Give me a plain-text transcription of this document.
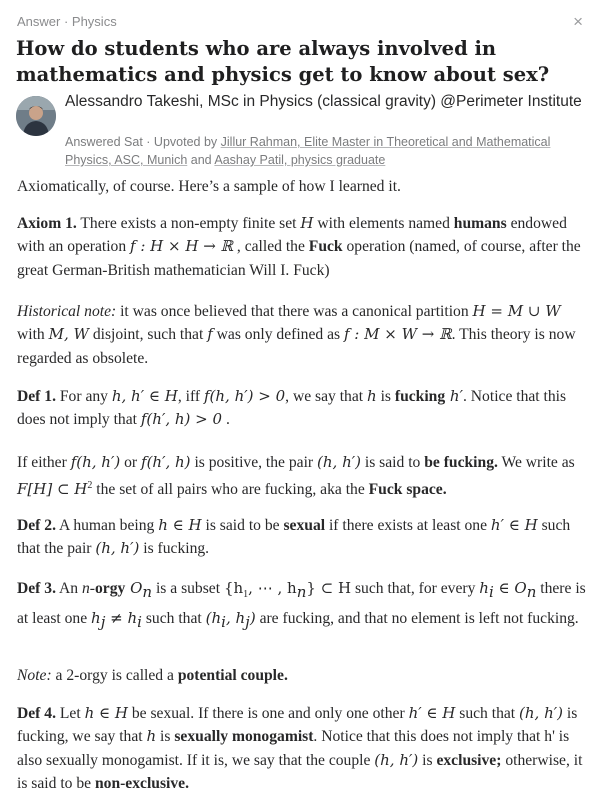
Answer · Physics	×
How do students who are always involved in mathematics and physics get to know about sex?
Alessandro Takeshi, MSc in Physics (classical gravity) @Perimeter Institute
Answered Sat · Upvoted by Jillur Rahman, Elite Master in Theoretical and Mathematical Physics, ASC, Munich and Aashay Patil, physics graduate

Axiomatically, of course. Here’s a sample of how I learned it.

Axiom 1. There exists a non-empty finite set H with elements named humans endowed with an operation f : H × H → ℝ , called the Fuck operation (named, of course, after the great German-British mathematician Will I. Fuck)

Historical note: it was once believed that there was a canonical partition H = M ∪ W with M, W disjoint, such that f was only defined as f : M × W → ℝ. This theory is now regarded as obsolete.

Def 1. For any h, h′ ∈ H, iff f(h, h′) > 0, we say that h is fucking h′. Notice that this does not imply that f(h′, h) > 0 .

If either f(h, h′) or f(h′, h) is positive, the pair (h, h′) is said to be fucking. We write as F[H] ⊂ $H^2$ the set of all pairs who are fucking, aka the Fuck space.

Def 2. A human being h ∈ H is said to be sexual if there exists at least one h′ ∈ H such that the pair (h, h′) is fucking.

Def 3. An n-orgy $O_n$ is a subset {$h_1$, ⋯ , $h_n$} ⊂ H such that, for every $h_i$ ∈ $O_n$ there is at least one $h_j \ne h_i$ such that ($h_i$, $h_j$) are fucking, and that no element is left not fucking.

Note: a 2-orgy is called a potential couple.

Def 4. Let h ∈ H be sexual. If there is one and only one other h′ ∈ H such that (h, h′) is fucking, we say that h is sexually monogamist. Notice that this does not imply that h' is also sexually monogamist. If it is, we say that the couple (h, h′) is exclusive; otherwise, it is said to be non-exclusive.
